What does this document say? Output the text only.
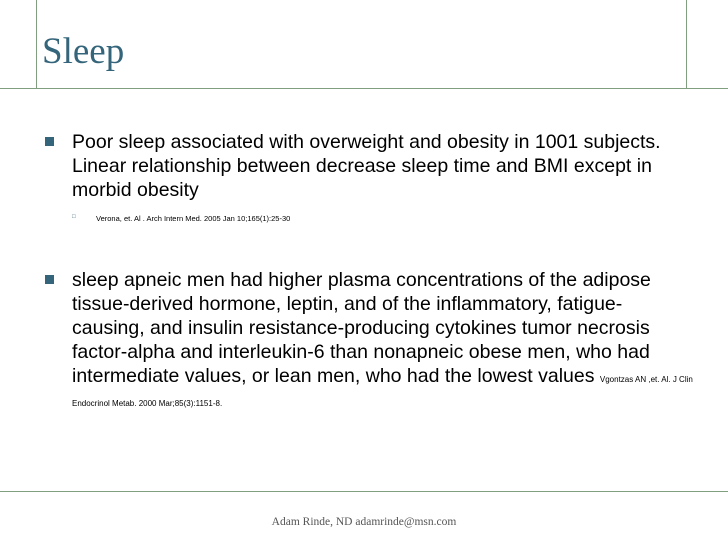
Sleep
Poor sleep associated with overweight and obesity in 1001 subjects. Linear relationship between decrease sleep time and BMI except in morbid obesity
□	Verona, et. Al . Arch Intern Med. 2005 Jan 10;165(1):25-30
sleep apneic men had higher plasma concentrations of the adipose tissue-derived hormone, leptin, and of the inflammatory, fatigue-causing, and insulin resistance-producing cytokines tumor necrosis factor-alpha and interleukin-6 than nonapneic obese men, who had intermediate values, or lean men, who had the lowest values Vgontzas AN ,et. Al. J Clin Endocrinol Metab. 2000 Mar;85(3):1151-8.
Adam Rinde, ND adamrinde@msn.com
